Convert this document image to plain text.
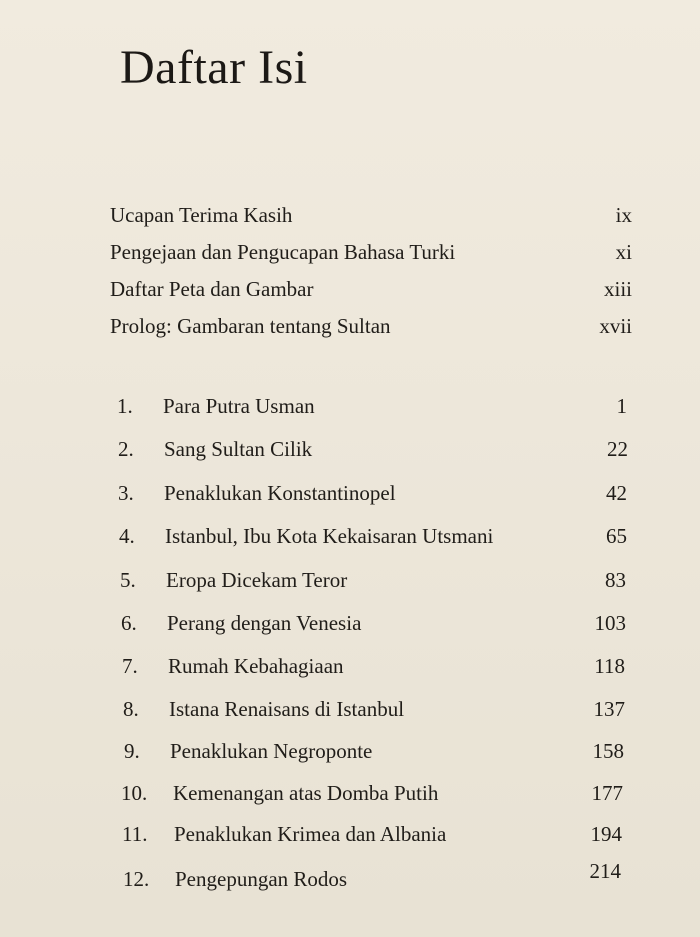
Daftar Isi
Ucapan Terima Kasih	ix
Pengejaan dan Pengucapan Bahasa Turki	xi
Daftar Peta dan Gambar	xiii
Prolog: Gambaran tentang Sultan	xvii
1. Para Putra Usman	1
2. Sang Sultan Cilik	22
3. Penaklukan Konstantinopel	42
4. Istanbul, Ibu Kota Kekaisaran Utsmani	65
5. Eropa Dicekam Teror	83
6. Perang dengan Venesia	103
7. Rumah Kebahagiaan	118
8. Istana Renaisans di Istanbul	137
9. Penaklukan Negroponte	158
10. Kemenangan atas Domba Putih	177
11. Penaklukan Krimea dan Albania	194
12. Pengepungan Rodos	214
